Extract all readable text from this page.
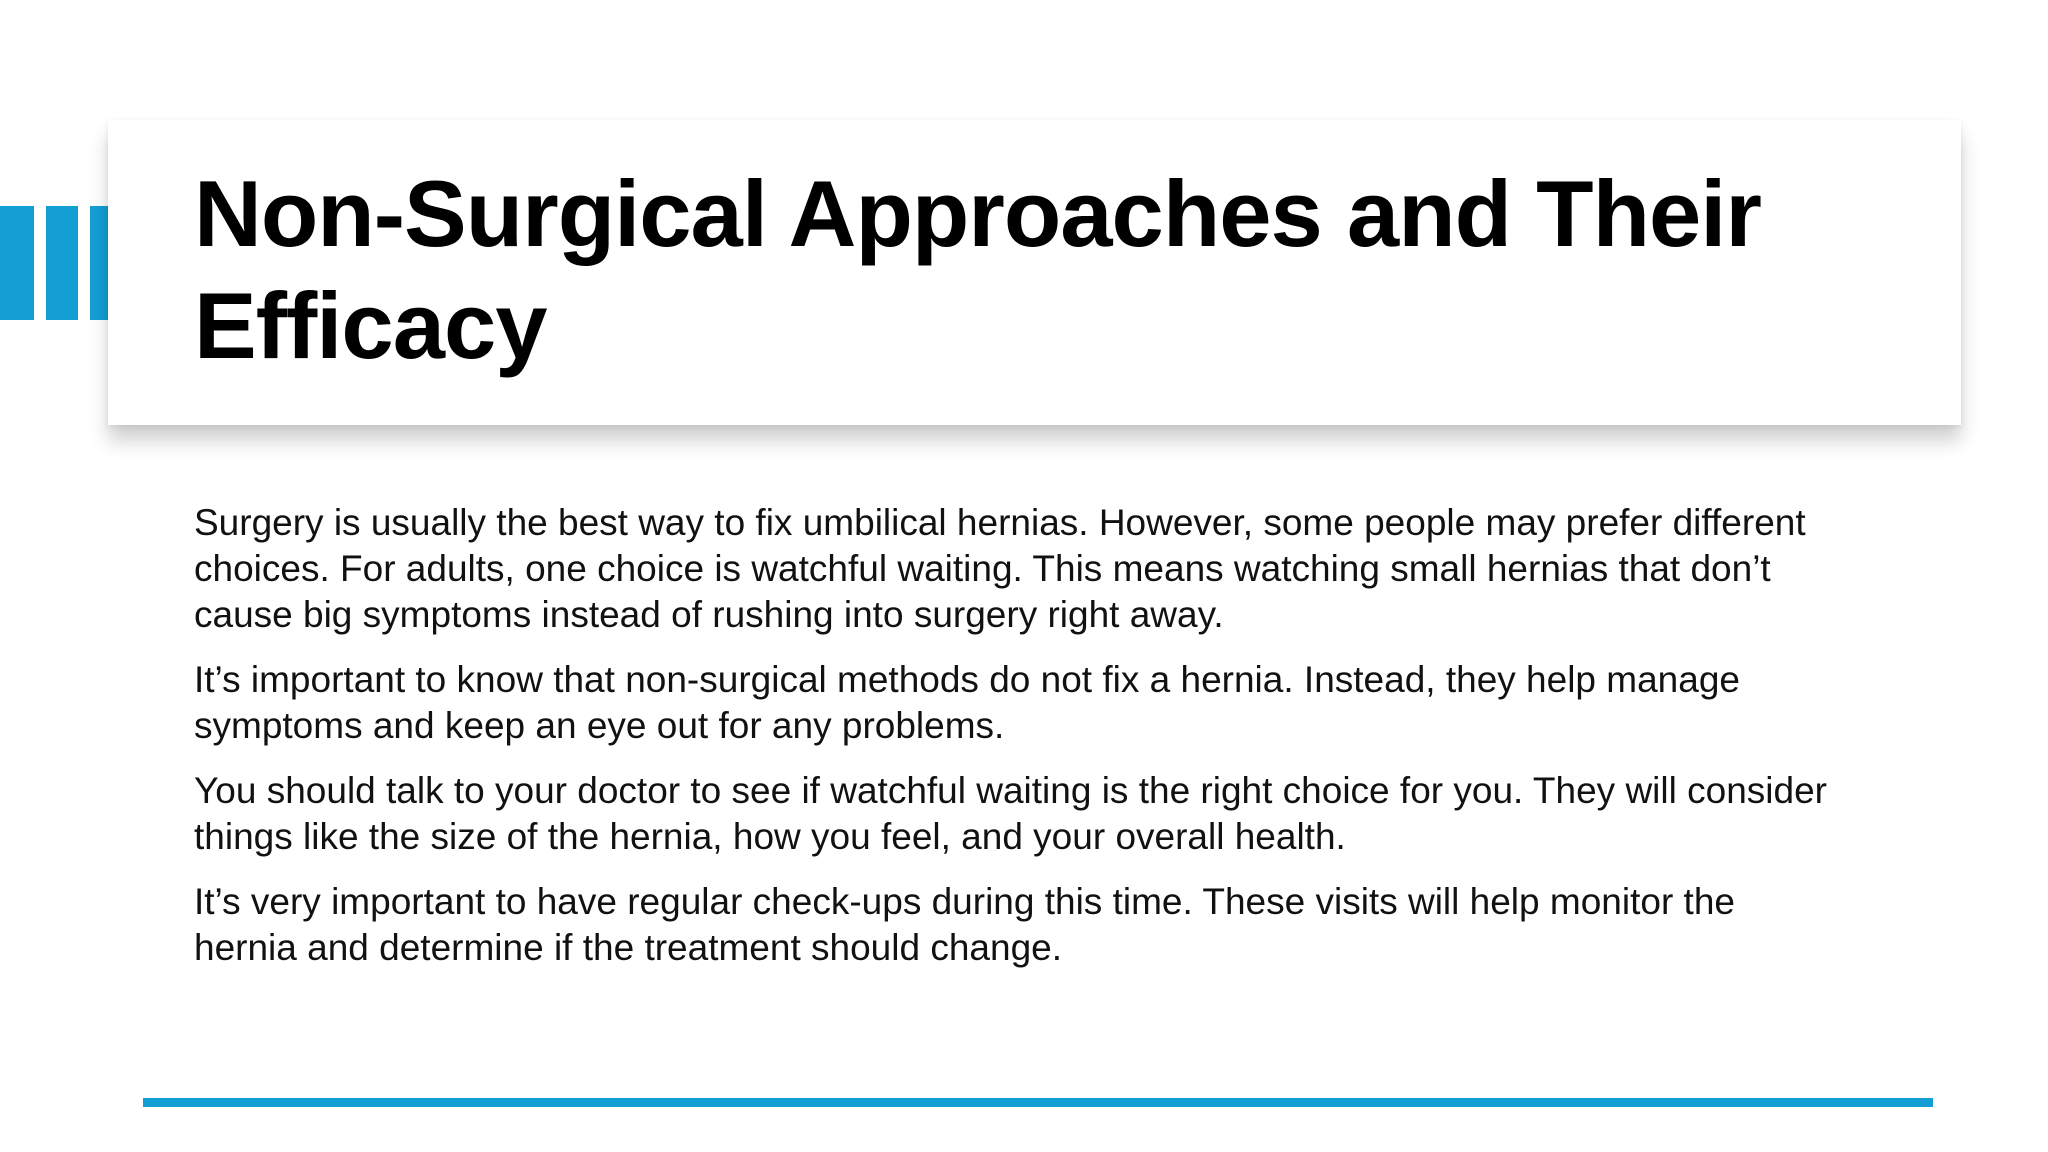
Non-Surgical Approaches and Their Efficacy

Surgery is usually the best way to fix umbilical hernias. However, some people may prefer different choices. For adults, one choice is watchful waiting. This means watching small hernias that don’t cause big symptoms instead of rushing into surgery right away.

It’s important to know that non-surgical methods do not fix a hernia. Instead, they help manage symptoms and keep an eye out for any problems.

You should talk to your doctor to see if watchful waiting is the right choice for you. They will consider things like the size of the hernia, how you feel, and your overall health.

It’s very important to have regular check-ups during this time. These visits will help monitor the hernia and determine if the treatment should change.
